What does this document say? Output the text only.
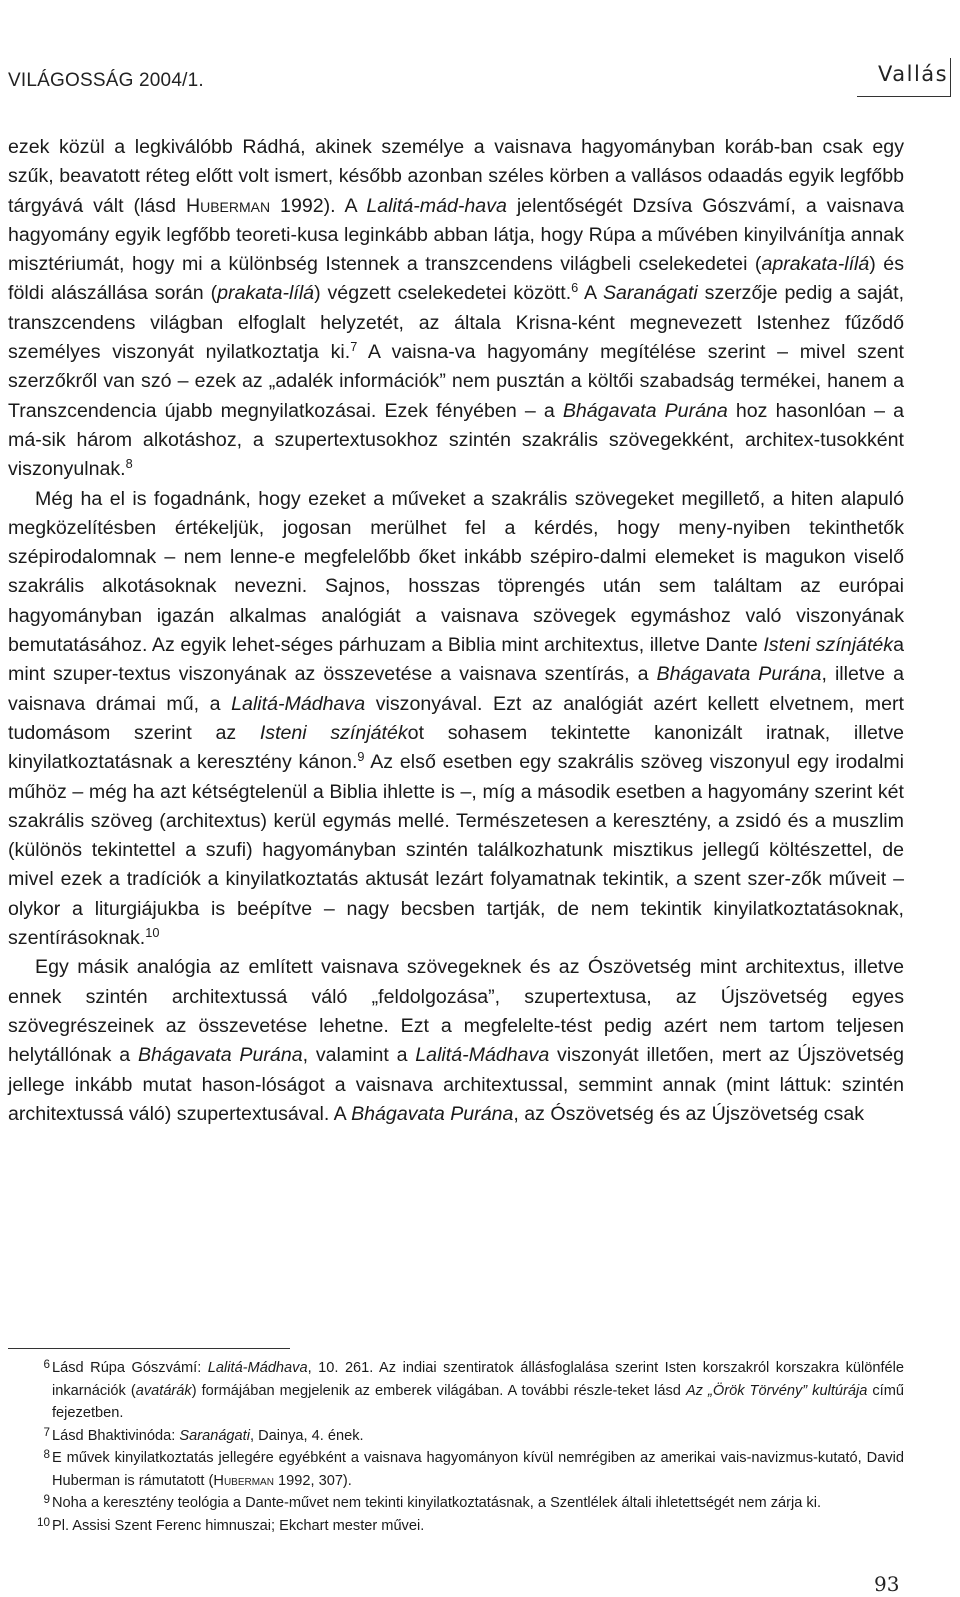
VILÁGOSSÁG 2004/1.	Vallás

ezek közül a legkiválóbb Rádhá, akinek személye a vaisnava hagyományban koráb-ban csak egy szűk, beavatott réteg előtt volt ismert, később azonban széles körben a vallásos odaadás egyik legfőbb tárgyává vált (lásd Huberman 1992). A Lalitá-mád-hava jelentőségét Dzsíva Gószvámí, a vaisnava hagyomány egyik legfőbb teoreti-kusa leginkább abban látja, hogy Rúpa a művében kinyilvánítja annak misztériumát, hogy mi a különbség Istennek a transzcendens világbeli cselekedetei (aprakata-lílá) és földi alászállása során (prakata-lílá) végzett cselekedetei között.$^6$ A Saranágati szerzője pedig a saját, transzcendens világban elfoglalt helyzetét, az általa Krisna-ként megnevezett Istenhez fűződő személyes viszonyát nyilatkoztatja ki.$^7$ A vaisna-va hagyomány megítélése szerint – mivel szent szerzőkről van szó – ezek az „adalék információk” nem pusztán a költői szabadság termékei, hanem a Transzcendencia újabb megnyilatkozásai. Ezek fényében – a Bhágavata Purána hoz hasonlóan – a má-sik három alkotáshoz, a szupertextusokhoz szintén szakrális szövegekként, architex-tusokként viszonyulnak.$^8$

Még ha el is fogadnánk, hogy ezeket a műveket a szakrális szövegeket megillető, a hiten alapuló megközelítésben értékeljük, jogosan merülhet fel a kérdés, hogy meny-nyiben tekinthetők szépirodalomnak – nem lenne-e megfelelőbb őket inkább szépiro-dalmi elemeket is magukon viselő szakrális alkotásoknak nevezni. Sajnos, hosszas töprengés után sem találtam az európai hagyományban igazán alkalmas analógiát a vaisnava szövegek egymáshoz való viszonyának bemutatásához. Az egyik lehet-séges párhuzam a Biblia mint architextus, illetve Dante Isteni színjátéka mint szuper-textus viszonyának az összevetése a vaisnava szentírás, a Bhágavata Purána, illetve a vaisnava drámai mű, a Lalitá-Mádhava viszonyával. Ezt az analógiát azért kellett elvetnem, mert tudomásom szerint az Isteni színjátékot sohasem tekintette kanonizált iratnak, illetve kinyilatkoztatásnak a keresztény kánon.$^9$ Az első esetben egy szakrális szöveg viszonyul egy irodalmi műhöz – még ha azt kétségtelenül a Biblia ihlette is –, míg a második esetben a hagyomány szerint két szakrális szöveg (architextus) kerül egymás mellé. Természetesen a keresztény, a zsidó és a muszlim (különös tekintettel a szufi) hagyományban szintén találkozhatunk misztikus jellegű költészettel, de mivel ezek a tradíciók a kinyilatkoztatás aktusát lezárt folyamatnak tekintik, a szent szer-zők műveit – olykor a liturgiájukba is beépítve – nagy becsben tartják, de nem tekintik kinyilatkoztatásoknak, szentírásoknak.$^{10}$

Egy másik analógia az említett vaisnava szövegeknek és az Ószövetség mint architextus, illetve ennek szintén architextussá váló „feldolgozása”, szupertextusa, az Újszövetség egyes szövegrészeinek az összevetése lehetne. Ezt a megfelelte-tést pedig azért nem tartom teljesen helytállónak a Bhágavata Purána, valamint a Lalitá-Mádhava viszonyát illetően, mert az Újszövetség jellege inkább mutat hason-lóságot a vaisnava architextussal, semmint annak (mint láttuk: szintén architextussá váló) szupertextusával. A Bhágavata Purána, az Ószövetség és az Újszövetség csak

$^6$ Lásd Rúpa Gószvámí: Lalitá-Mádhava, 10. 261. Az indiai szentiratok állásfoglalása szerint Isten korszakról korszakra különféle inkarnációk (avatárák) formájában megjelenik az emberek világában. A további részle-teket lásd Az „Örök Törvény” kultúrája című fejezetben.
$^7$ Lásd Bhaktivinóda: Saranágati, Dainya, 4. ének.
$^8$ E művek kinyilatkoztatás jellegére egyébként a vaisnava hagyományon kívül nemrégiben az amerikai vais-navizmus-kutató, David Huberman is rámutatott (Huberman 1992, 307).
$^9$ Noha a keresztény teológia a Dante-művet nem tekinti kinyilatkoztatásnak, a Szentlélek általi ihletettségét nem zárja ki.
$^{10}$ Pl. Assisi Szent Ferenc himnuszai; Ekchart mester művei.
93
